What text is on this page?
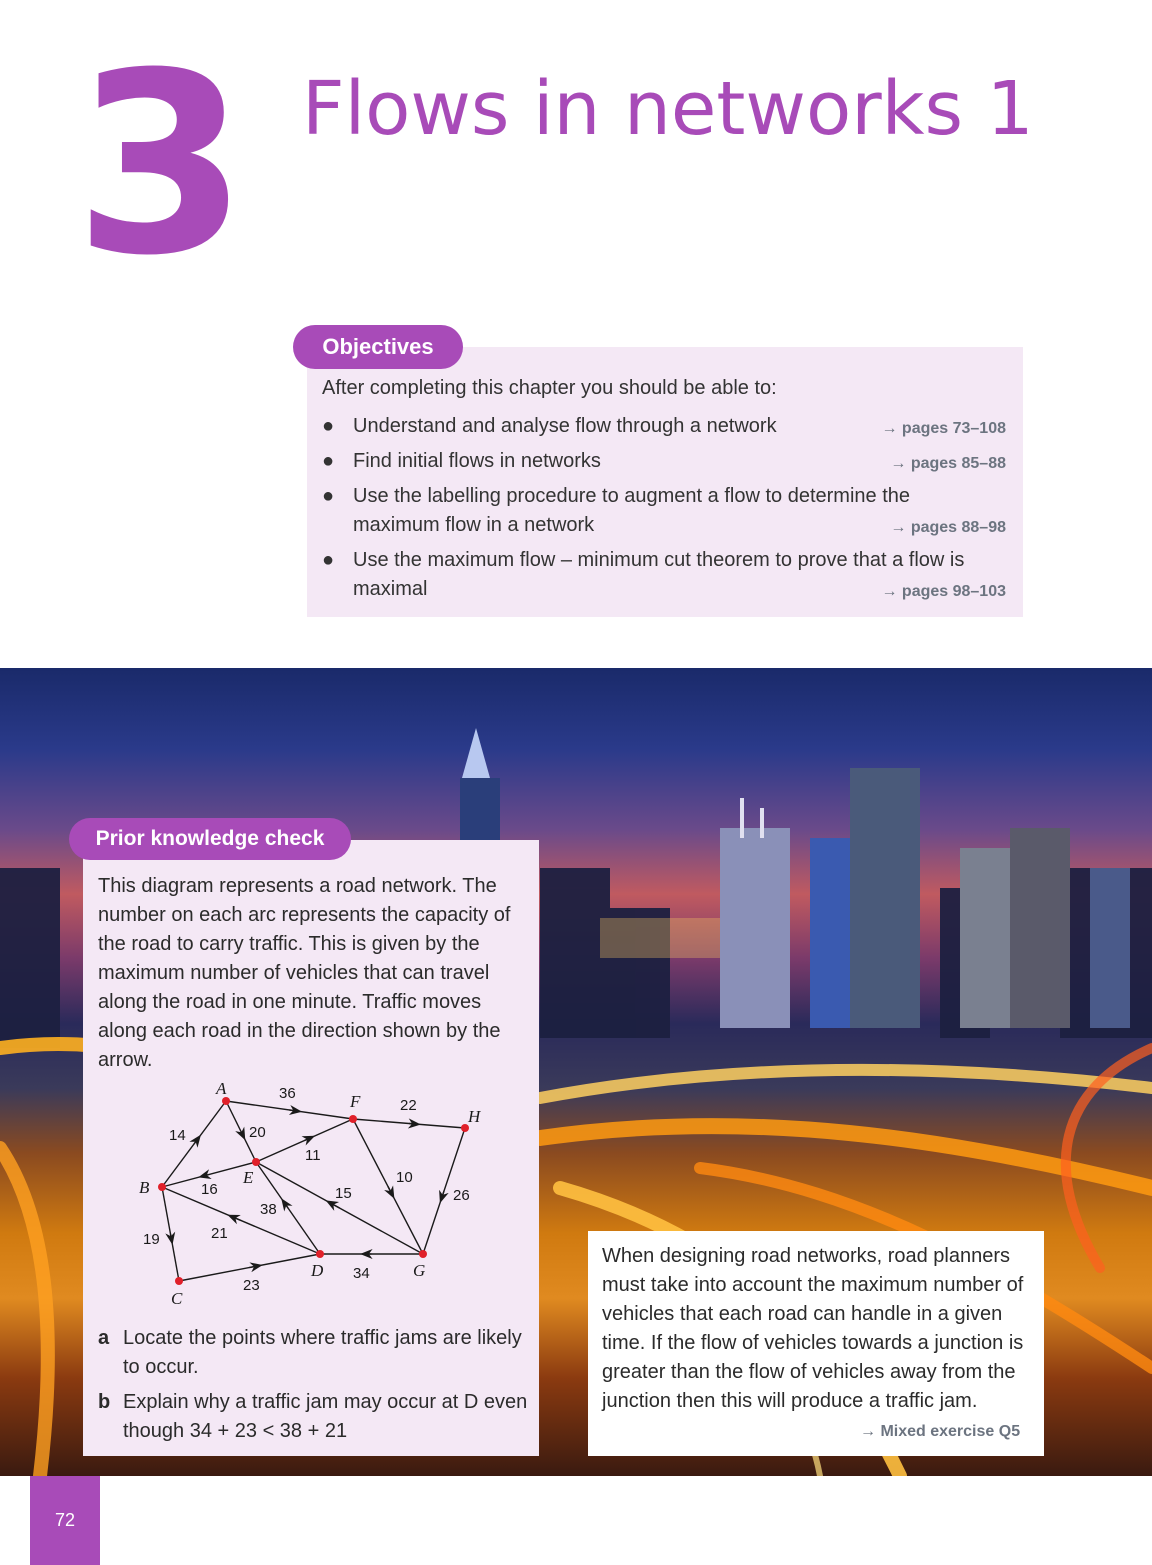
3 Flows in networks 1
Objectives
After completing this chapter you should be able to:
● Understand and analyse flow through a network	→ pages 73–108
● Find initial flows in networks	→ pages 85–88
● Use the labelling procedure to augment a flow to determine the maximum flow in a network	→ pages 88–98
● Use the maximum flow – minimum cut theorem to prove that a flow is maximal	→ pages 98–103
Prior knowledge check

This diagram represents a road network. The number on each arc represents the capacity of the road to carry traffic. This is given by the maximum number of vehicles that can travel along the road in one minute. Traffic moves along each road in the direction shown by the arrow.

14
36
20
22
11
16
10
26
15
38
21
19
23
34
A
B
C
D
E
F
G
H
a Locate the points where traffic jams are likely to occur.
b Explain why a traffic jam may occur at D even though 34 + 23 < 38 + 21

When designing road networks, road planners must take into account the maximum number of vehicles that each road can handle in a given time. If the flow of vehicles towards a junction is greater than the flow of vehicles away from the junction then this will produce a traffic jam.

→ Mixed exercise Q5
72
